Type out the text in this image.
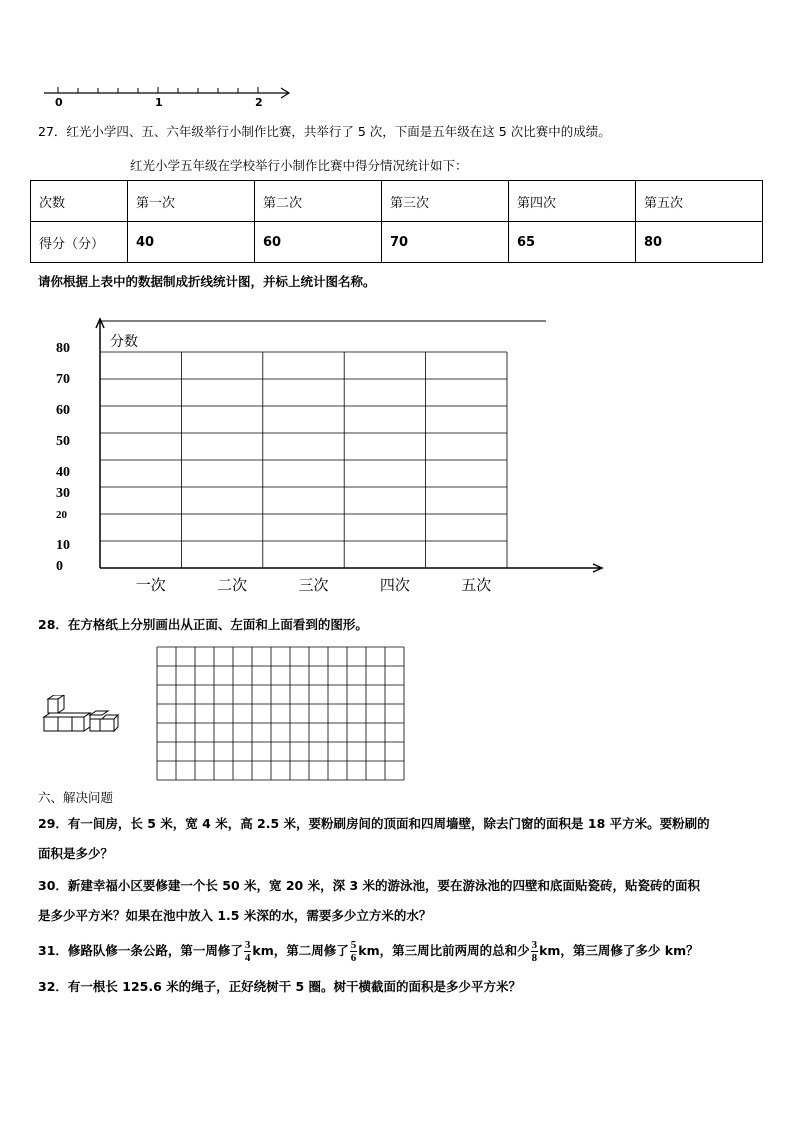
0	1	2
27．红光小学四、五、六年级举行小制作比赛，共举行了 5 次，下面是五年级在这 5 次比赛中的成绩。
红光小学五年级在学校举行小制作比赛中得分情况统计如下：
次数	第一次	第二次	第三次	第四次	第五次
得分（分）	40	60	70	65	80
请你根据上表中的数据制成折线统计图，并标上统计图名称。
分数
80
70
60
50
40
30
20
10
0
一次	二次	三次	四次	五次
28．在方格纸上分别画出从正面、左面和上面看到的图形。
六、解决问题
29．有一间房，长 5 米，宽 4 米，高 2.5 米，要粉刷房间的顶面和四周墙壁，除去门窗的面积是 18 平方米。要粉刷的
面积是多少？
30．新建幸福小区要修建一个长 50 米，宽 20 米，深 3 米的游泳池，要在游泳池的四壁和底面贴瓷砖，贴瓷砖的面积
是多少平方米？如果在池中放入 1.5 米深的水，需要多少立方米的水？
31．修路队修一条公路，第一周修了 $\frac{3}{4}$ km，第二周修了 $\frac{5}{6}$ km，第三周比前两周的总和少 $\frac{3}{8}$ km，第三周修了多少 km？
32．有一根长 125.6 米的绳子，正好绕树干 5 圈。树干横截面的面积是多少平方米？
